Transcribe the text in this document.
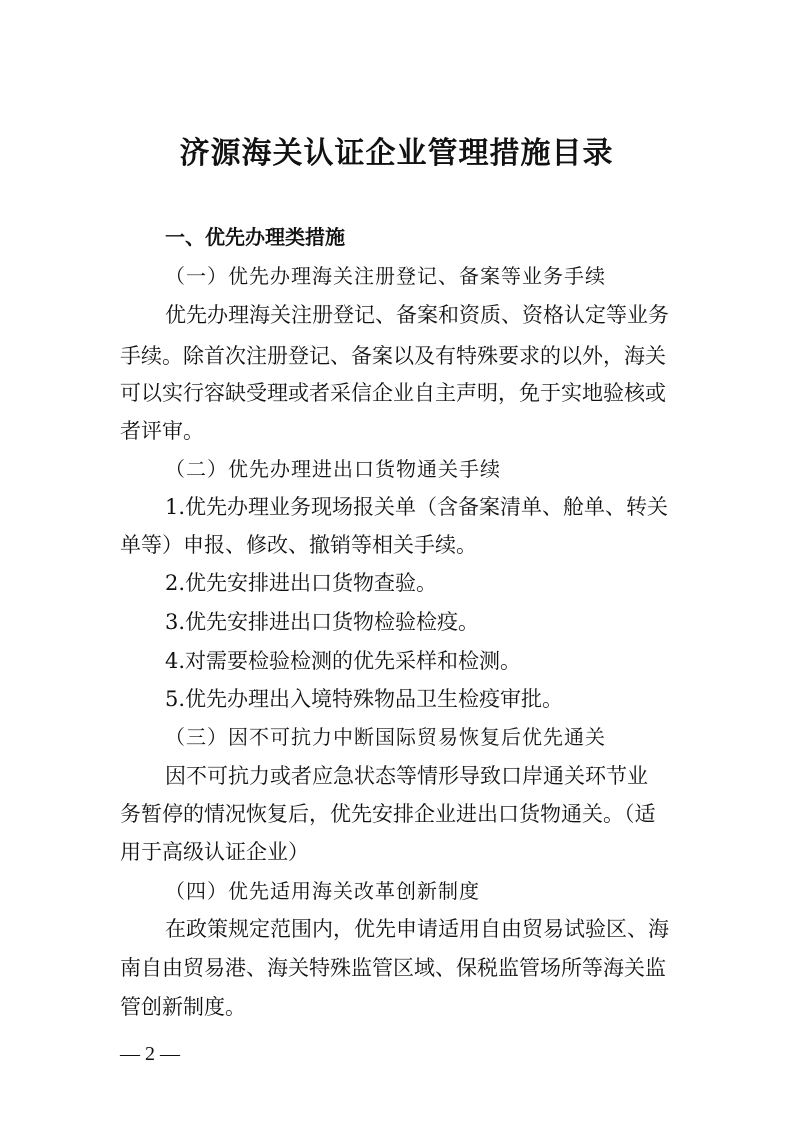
济源海关认证企业管理措施目录
一、优先办理类措施
（一）优先办理海关注册登记、备案等业务手续
优先办理海关注册登记、备案和资质、资格认定等业务
手续。除首次注册登记、备案以及有特殊要求的以外，海关
可以实行容缺受理或者采信企业自主声明，免于实地验核或
者评审。
（二）优先办理进出口货物通关手续
1.优先办理业务现场报关单（含备案清单、舱单、转关
单等）申报、修改、撤销等相关手续。
2.优先安排进出口货物查验。
3.优先安排进出口货物检验检疫。
4.对需要检验检测的优先采样和检测。
5.优先办理出入境特殊物品卫生检疫审批。
（三）因不可抗力中断国际贸易恢复后优先通关
因不可抗力或者应急状态等情形导致口岸通关环节业
务暂停的情况恢复后，优先安排企业进出口货物通关。（适
用于高级认证企业）
（四）优先适用海关改革创新制度
在政策规定范围内，优先申请适用自由贸易试验区、海
南自由贸易港、海关特殊监管区域、保税监管场所等海关监
管创新制度。
— 2 —
